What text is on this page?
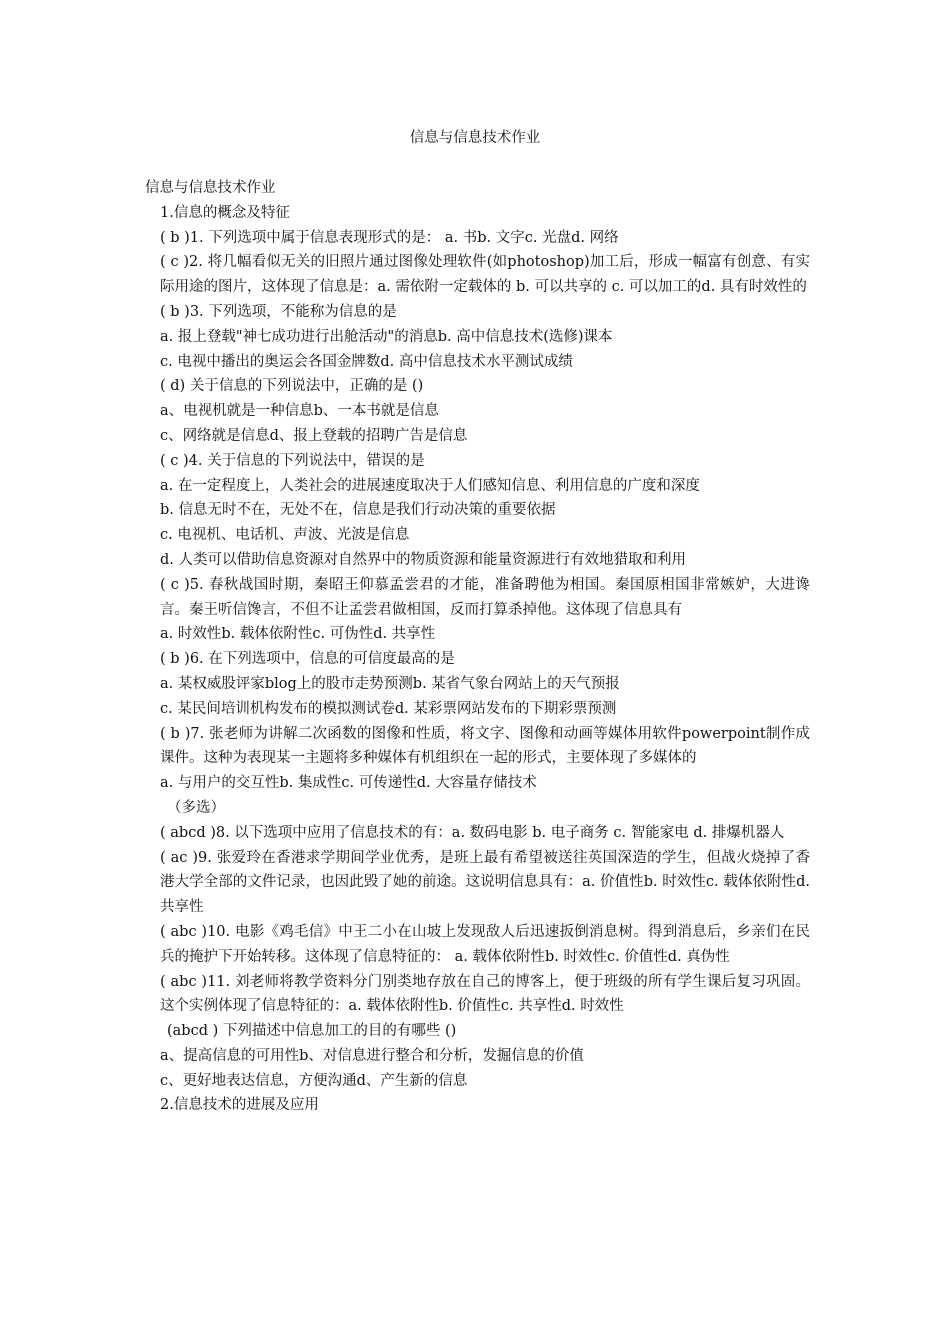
信息与信息技术作业
信息与信息技术作业
1.信息的概念及特征
( b )1. 下列选项中属于信息表现形式的是： a. 书b. 文字c. 光盘d. 网络
( c )2. 将几幅看似无关的旧照片通过图像处理软件(如photoshop)加工后，形成一幅富有创意、有实际用途的图片，这体现了信息是：a. 需依附一定载体的 b. 可以共享的 c. 可以加工的d. 具有时效性的
( b )3. 下列选项，不能称为信息的是
a. 报上登载"神七成功进行出舱活动"的消息b. 高中信息技术(选修)课本
c. 电视中播出的奥运会各国金牌数d. 高中信息技术水平测试成绩
( d) 关于信息的下列说法中，正确的是 ()
a、电视机就是一种信息b、一本书就是信息
c、网络就是信息d、报上登载的招聘广告是信息
( c )4. 关于信息的下列说法中，错误的是
a. 在一定程度上，人类社会的进展速度取决于人们感知信息、利用信息的广度和深度
b. 信息无时不在，无处不在，信息是我们行动决策的重要依据
c. 电视机、电话机、声波、光波是信息
d. 人类可以借助信息资源对自然界中的物质资源和能量资源进行有效地猎取和利用
( c )5. 春秋战国时期，秦昭王仰慕孟尝君的才能，准备聘他为相国。秦国原相国非常嫉妒，大进谗言。秦王听信馋言，不但不让孟尝君做相国，反而打算杀掉他。这体现了信息具有
a. 时效性b. 载体依附性c. 可伪性d. 共享性
( b )6. 在下列选项中，信息的可信度最高的是
a. 某权威股评家blog上的股市走势预测b. 某省气象台网站上的天气预报
c. 某民间培训机构发布的模拟测试卷d. 某彩票网站发布的下期彩票预测
( b )7. 张老师为讲解二次函数的图像和性质，将文字、图像和动画等媒体用软件powerpoint制作成课件。这种为表现某一主题将多种媒体有机组织在一起的形式，主要体现了多媒体的
a. 与用户的交互性b. 集成性c. 可传递性d. 大容量存储技术
（多选）
( abcd )8. 以下选项中应用了信息技术的有：a. 数码电影 b. 电子商务 c. 智能家电 d. 排爆机器人
( ac )9. 张爱玲在香港求学期间学业优秀，是班上最有希望被送往英国深造的学生，但战火烧掉了香港大学全部的文件记录，也因此毁了她的前途。这说明信息具有：a. 价值性b. 时效性c. 载体依附性d. 共享性
( abc )10. 电影《鸡毛信》中王二小在山坡上发现敌人后迅速扳倒消息树。得到消息后，乡亲们在民兵的掩护下开始转移。这体现了信息特征的： a. 载体依附性b. 时效性c. 价值性d. 真伪性
( abc )11. 刘老师将教学资料分门别类地存放在自己的博客上，便于班级的所有学生课后复习巩固。这个实例体现了信息特征的：a. 载体依附性b. 价值性c. 共享性d. 时效性
(abcd ) 下列描述中信息加工的目的有哪些 ()
a、提高信息的可用性b、对信息进行整合和分析，发掘信息的价值
c、更好地表达信息，方便沟通d、产生新的信息
2.信息技术的进展及应用
